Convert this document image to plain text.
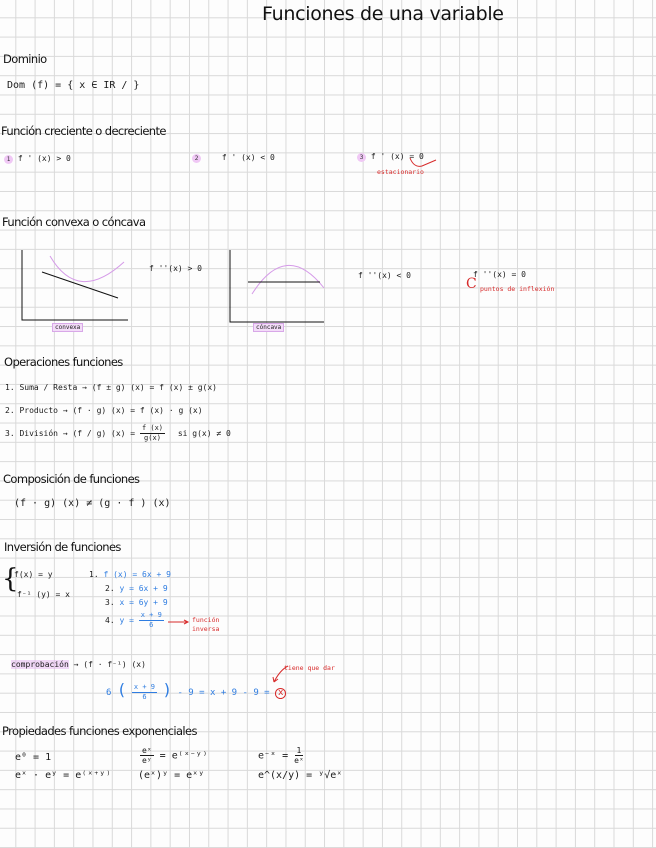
Funciones de una variable
Dominio
Dom (f) = { x ∈ IR / }
Función creciente o decreciente
1 f ' (x) > 0	2	f ' (x) < 0	3 f ' (x) = 0
estacionario
Función convexa o cóncava
convexa
f ''(x) > 0
cóncava
f ''(x) < 0	f ''(x) = 0
C puntos de inflexión
Operaciones funciones
1. Suma / Resta → (f ± g) (x) = f (x) ± g(x)
2. Producto → (f · g) (x) = f (x) · g (x)
3. División → (f / g) $(x) = \frac{f (x)}{g(x)}$ si g(x) ≠ 0
Composición de funciones
(f · g) (x) ≠ (g · f ) (x)
Inversión de funciones
{
f(x) = y
f⁻¹ (y) = x
1. f (x) = 6x + 9
2. y = 6x + 9
3. x = 6y + 9
4. $y = \frac{x + 9}{6}$	función
inversa
comprobación → (f · f⁻¹) (x)
6 ( $\frac{x + 9}{6}$ ) - 9 = x + 9 - 9 = x
tiene que dar
Propiedades funciones exponenciales
e⁰ = 1
eˣ · eʸ = e⁽ˣ⁺ʸ⁾
$\frac{\text{eˣ}}{\text{eʸ}}$ = e⁽ˣ⁻ʸ⁾
(eˣ)ʸ = eˣʸ
e⁻ˣ = $\frac{1}{\text{eˣ}}$
e^(x/y) = ʸ√eˣ
